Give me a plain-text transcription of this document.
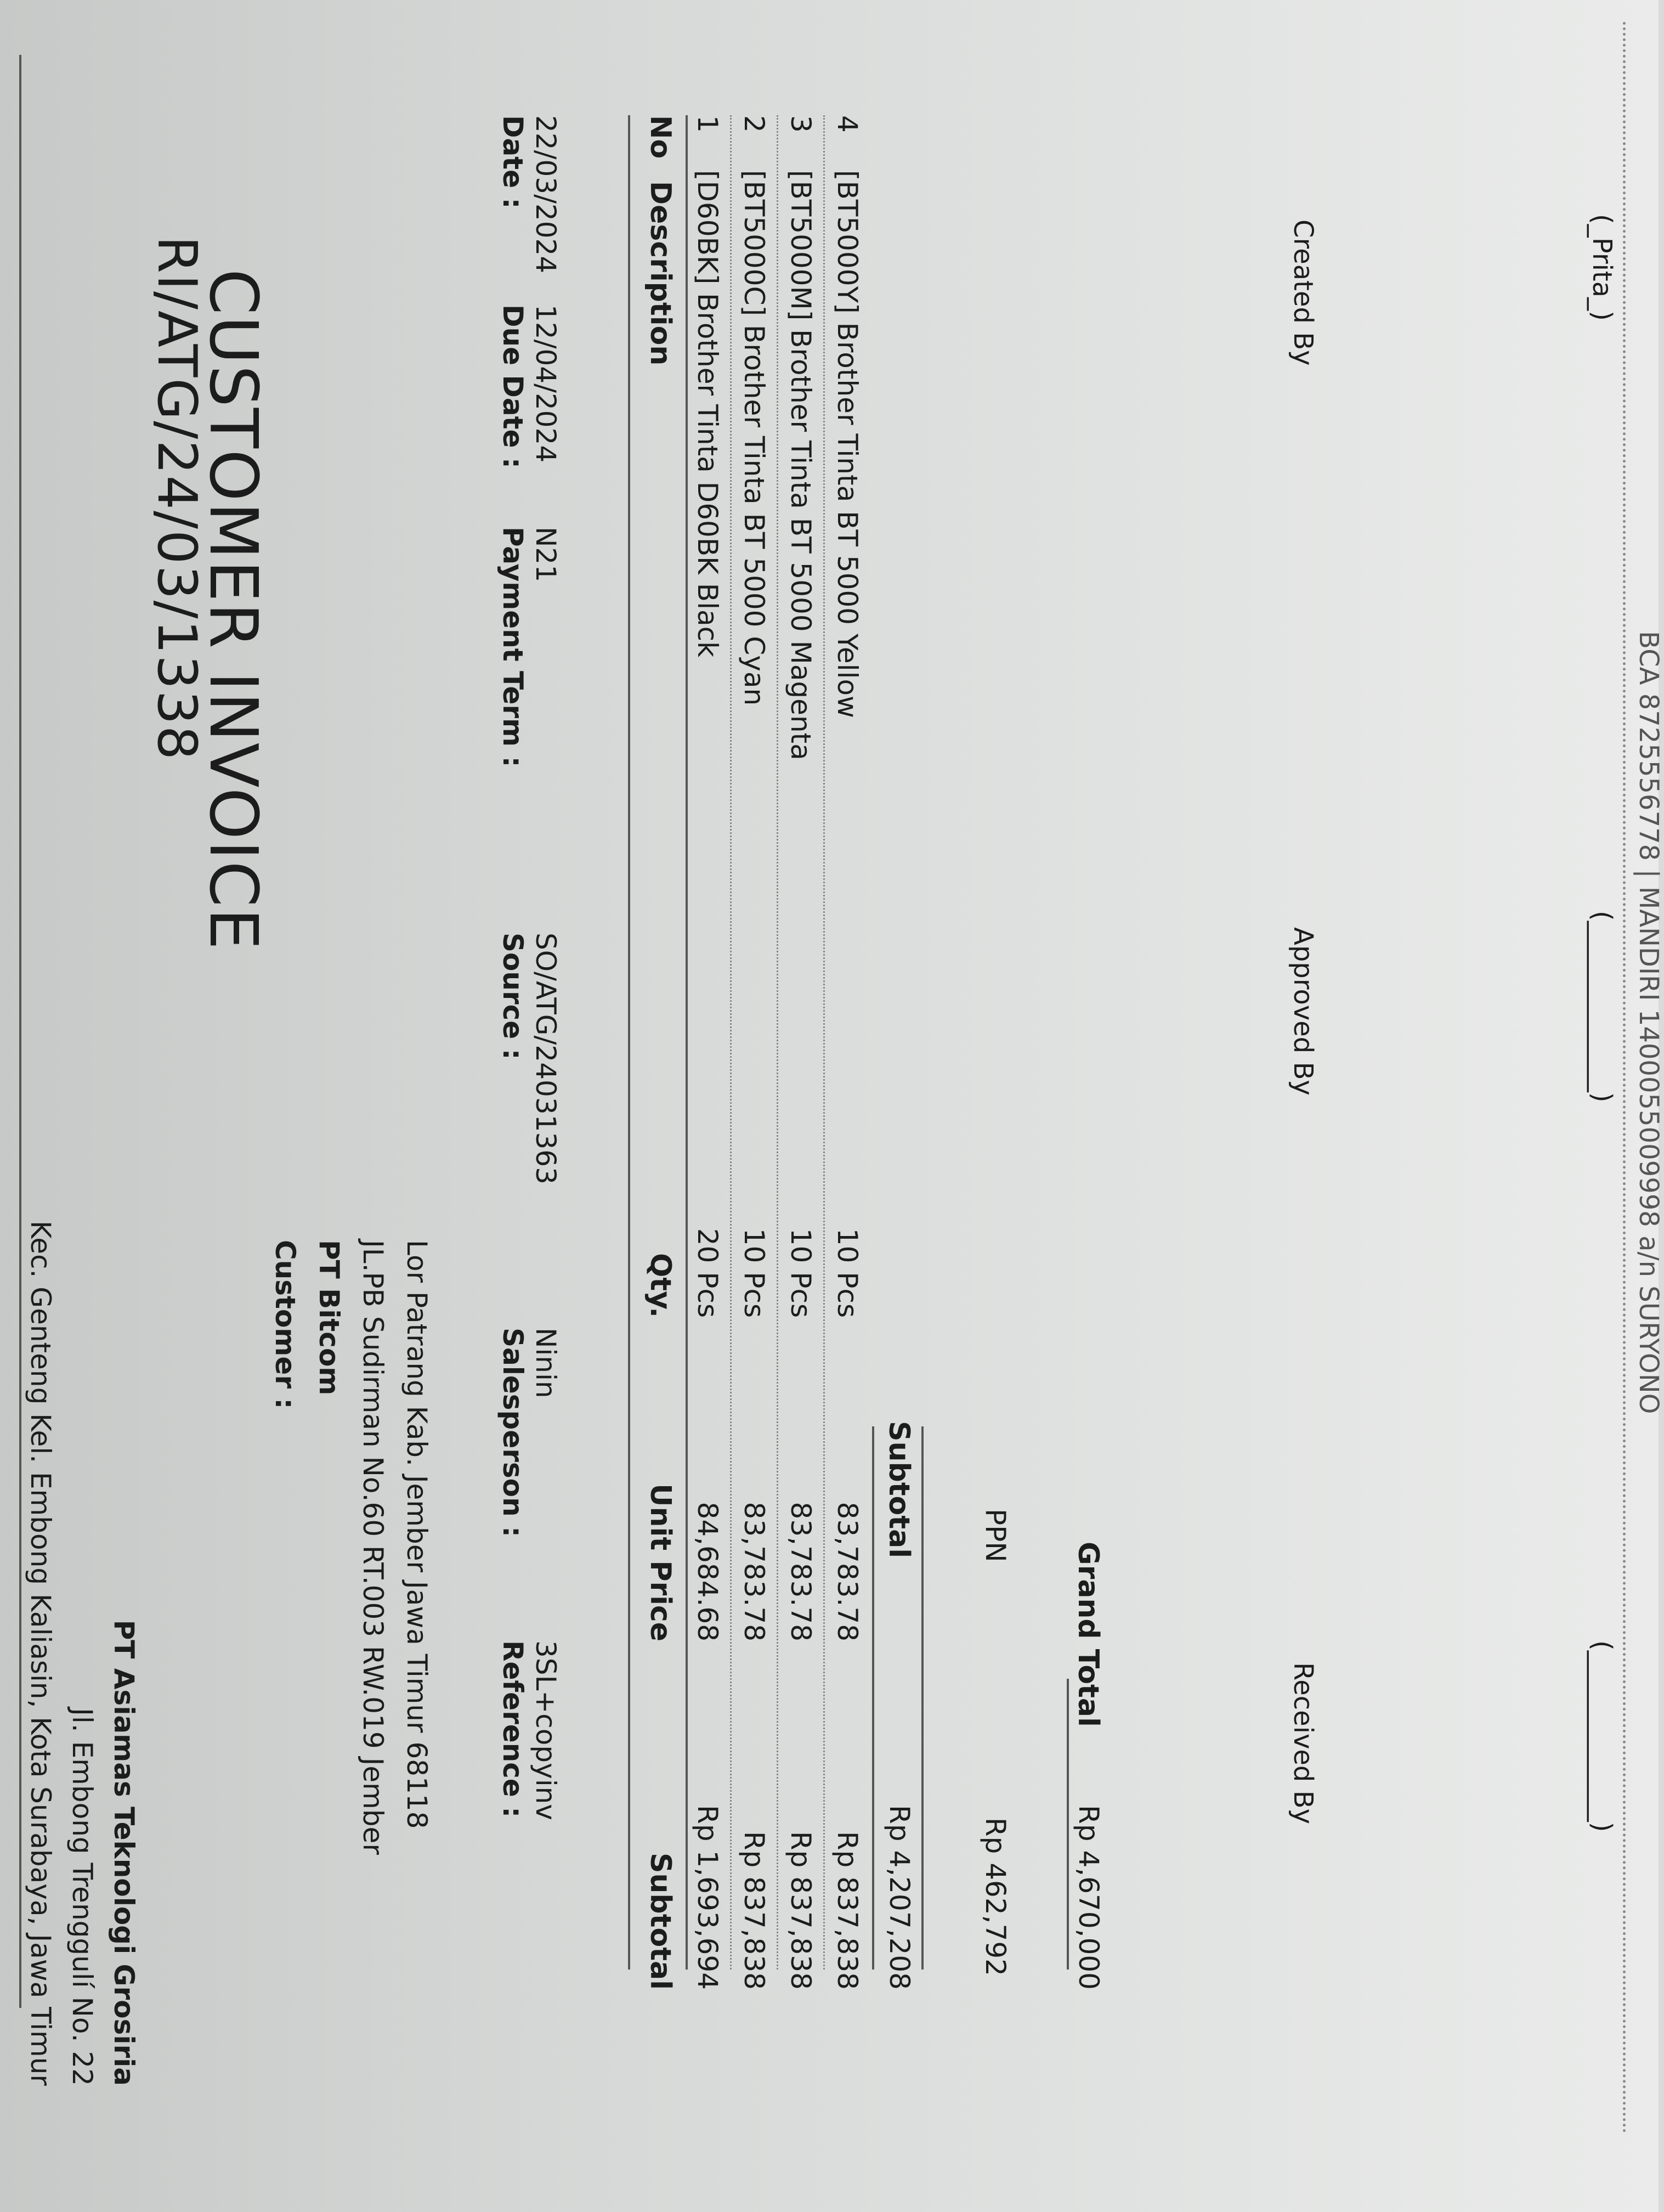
PT Asiamas Teknologi Grosiria
Jl. Embong Trenggulí No. 22
Kec. Genteng Kel. Embong Kaliasin, Kota Surabaya, Jawa Timur
CUSTOMER INVOICE
RI/ATG/24/03/1338
Customer : PT Bitcom JL.PB Sudirman No.60 RT.003 RW.019 Jember Lor Patrang Kab. Jember Jawa Timur 68118
Date : 22/03/2024
Due Date : 12/04/2024
Payment Term : N21
Source : SO/ATG/24031363
Salesperson : Ninin
Reference : 3SL+copyinv
No
Description
Qty.
Unit Price
Subtotal
1
[D60BK] Brother Tinta D60BK Black
20 Pcs
84,684.68
Rp 1,693,694
2
[BT5000C] Brother Tinta BT 5000 Cyan
10 Pcs
83,783.78
Rp 837,838
3
[BT5000M] Brother Tinta BT 5000 Magenta
10 Pcs
83,783.78
Rp 837,838
4
[BT5000Y] Brother Tinta BT 5000 Yellow
10 Pcs
83,783.78
Rp 837,838
Subtotal
Rp 4,207,208
PPN
Rp 462,792
Grand Total
Rp 4,670,000
Created By
Approved By
Received By
(_Prita_)
(_____________)
(_____________)
BCA 8725556778 | MANDIRI 1400055009998 a/n SURYONO
